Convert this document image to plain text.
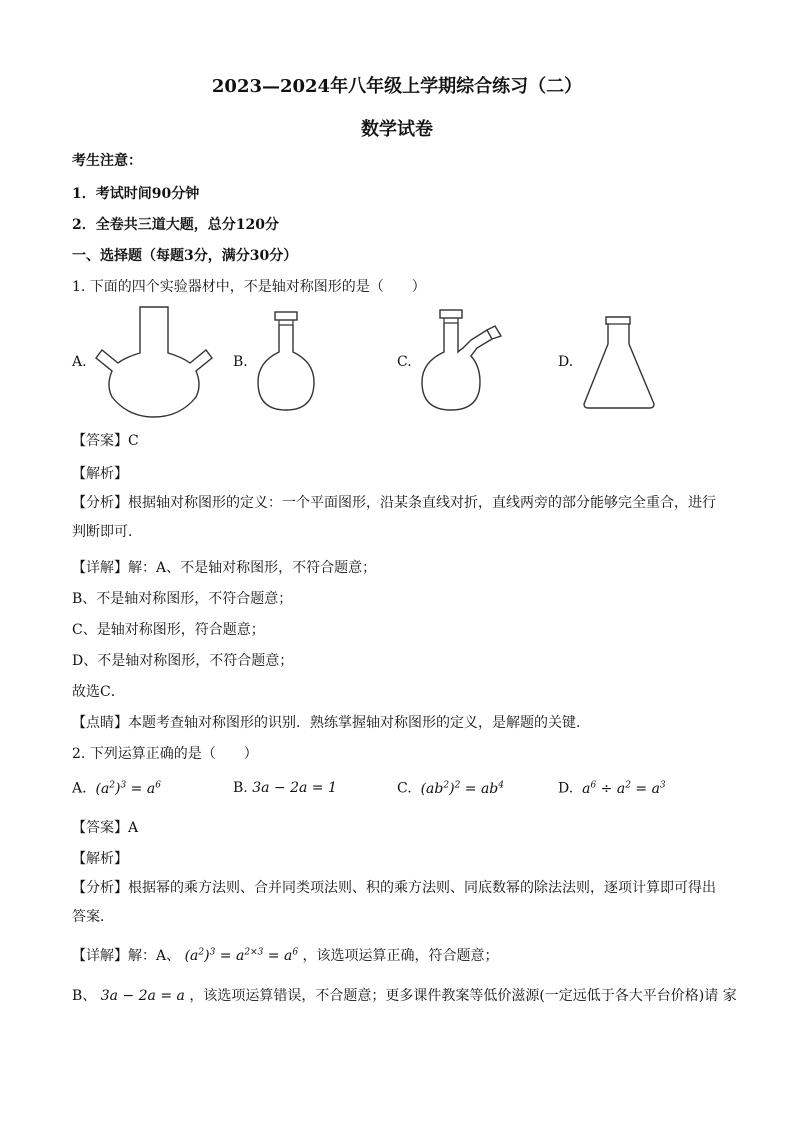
2023—2024年八年级上学期综合练习（二）
数学试卷
考生注意：
1．考试时间90分钟
2．全卷共三道大题，总分120分
一、选择题（每题3分，满分30分）
1. 下面的四个实验器材中，不是轴对称图形的是（　　）
A.	B.	C.	D.
【答案】C
【解析】
【分析】根据轴对称图形的定义：一个平面图形，沿某条直线对折，直线两旁的部分能够完全重合，进行判断即可．
【详解】解：A、不是轴对称图形，不符合题意；
B、不是轴对称图形，不符合题意；
C、是轴对称图形，符合题意；
D、不是轴对称图形，不符合题意；
故选C．
【点睛】本题考查轴对称图形的识别．熟练掌握轴对称图形的定义，是解题的关键．
2. 下列运算正确的是（　　）
A.  $(a^2)^3 = a^6$	B. 3a − 2a = 1	C.  $(ab^2)^2 = ab^4$	D. $a^6 \div a^2 = a^3$
【答案】A
【解析】
【分析】根据幂的乘方法则、合并同类项法则、积的乘方法则、同底数幂的除法法则，逐项计算即可得出答案．
【详解】解：A、 $(a^2)^3 = a^{2\times 3} = a^6$ ，该选项运算正确，符合题意；
B、 3a − 2a = a ，该选项运算错误，不合题意；更多课件教案等低价滋源(一定远低于各大平台价格)请 家
